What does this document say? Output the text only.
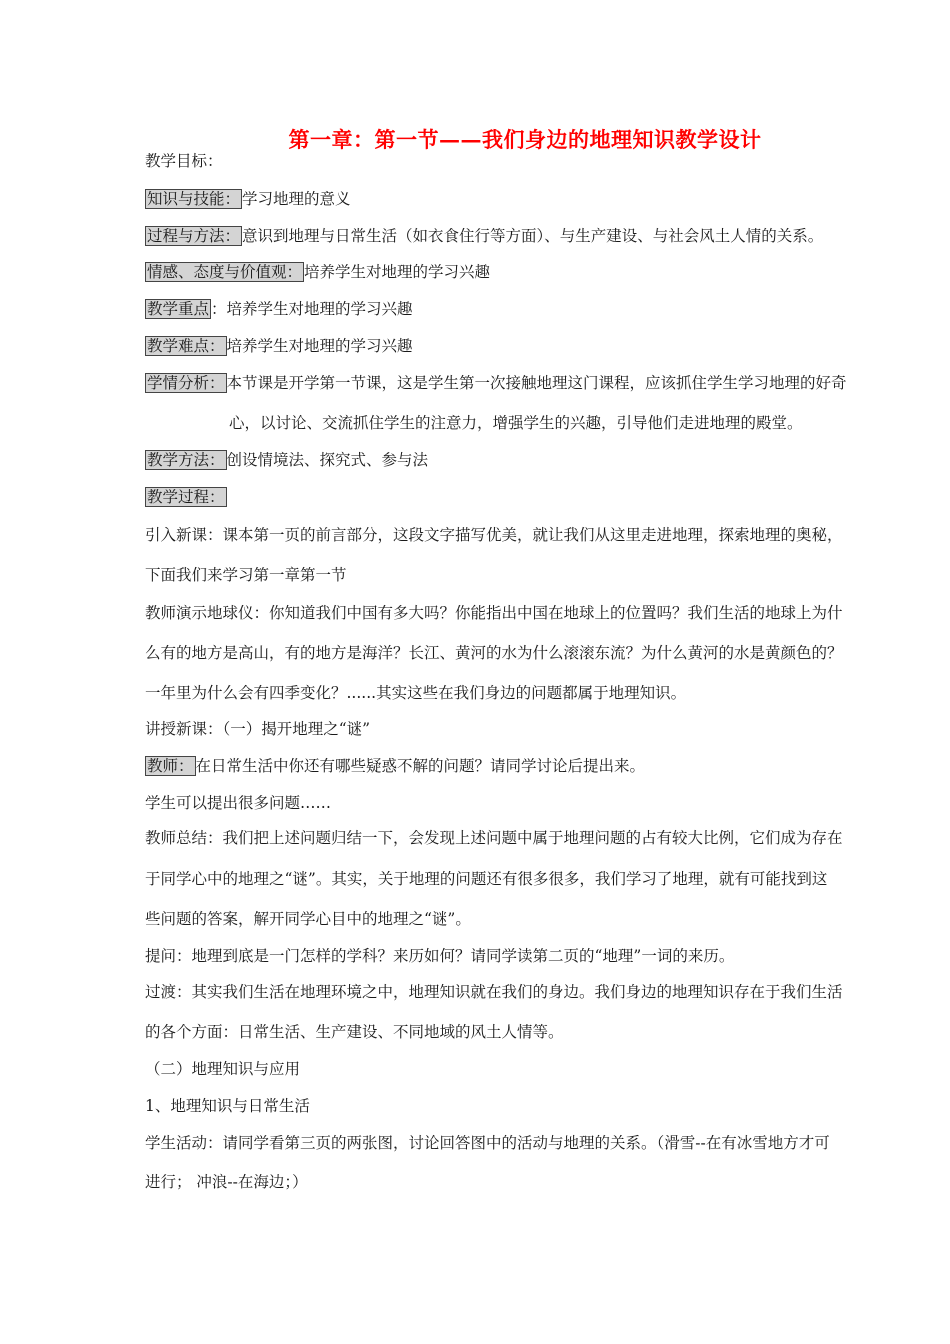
第一章：第一节——我们身边的地理知识教学设计
教学目标：
知识与技能： 学习地理的意义
过程与方法： 意识到地理与日常生活（如衣食住行等方面）、与生产建设、与社会风土人情的关系。
情感、态度与价值观： 培养学生对地理的学习兴趣
教学重点 ：培养学生对地理的学习兴趣
教学难点： 培养学生对地理的学习兴趣
学情分析： 本节课是开学第一节课，这是学生第一次接触地理这门课程，应该抓住学生学习地理的好奇
心，以讨论、交流抓住学生的注意力，增强学生的兴趣，引导他们走进地理的殿堂。
教学方法： 创设情境法、探究式、参与法
教学过程：
引入新课：课本第一页的前言部分，这段文字描写优美，就让我们从这里走进地理，探索地理的奥秘，
下面我们来学习第一章第一节
教师演示地球仪：你知道我们中国有多大吗？你能指出中国在地球上的位置吗？我们生活的地球上为什
么有的地方是高山，有的地方是海洋？长江、黄河的水为什么滚滚东流？为什么黄河的水是黄颜色的？
一年里为什么会有四季变化？......其实这些在我们身边的问题都属于地理知识。
讲授新课：（一）揭开地理之“谜”
教师： 在日常生活中你还有哪些疑惑不解的问题？请同学讨论后提出来。
学生可以提出很多问题……
教师总结：我们把上述问题归结一下，会发现上述问题中属于地理问题的占有较大比例，它们成为存在
于同学心中的地理之“谜”。其实，关于地理的问题还有很多很多，我们学习了地理，就有可能找到这
些问题的答案，解开同学心目中的地理之“谜”。
提问：地理到底是一门怎样的学科？来历如何？请同学读第二页的“地理”一词的来历。
过渡：其实我们生活在地理环境之中，地理知识就在我们的身边。我们身边的地理知识存在于我们生活
的各个方面：日常生活、生产建设、不同地域的风土人情等。
（二）地理知识与应用
1、地理知识与日常生活
学生活动：请同学看第三页的两张图，讨论回答图中的活动与地理的关系。（滑雪--在有冰雪地方才可
进行； 冲浪--在海边；）
